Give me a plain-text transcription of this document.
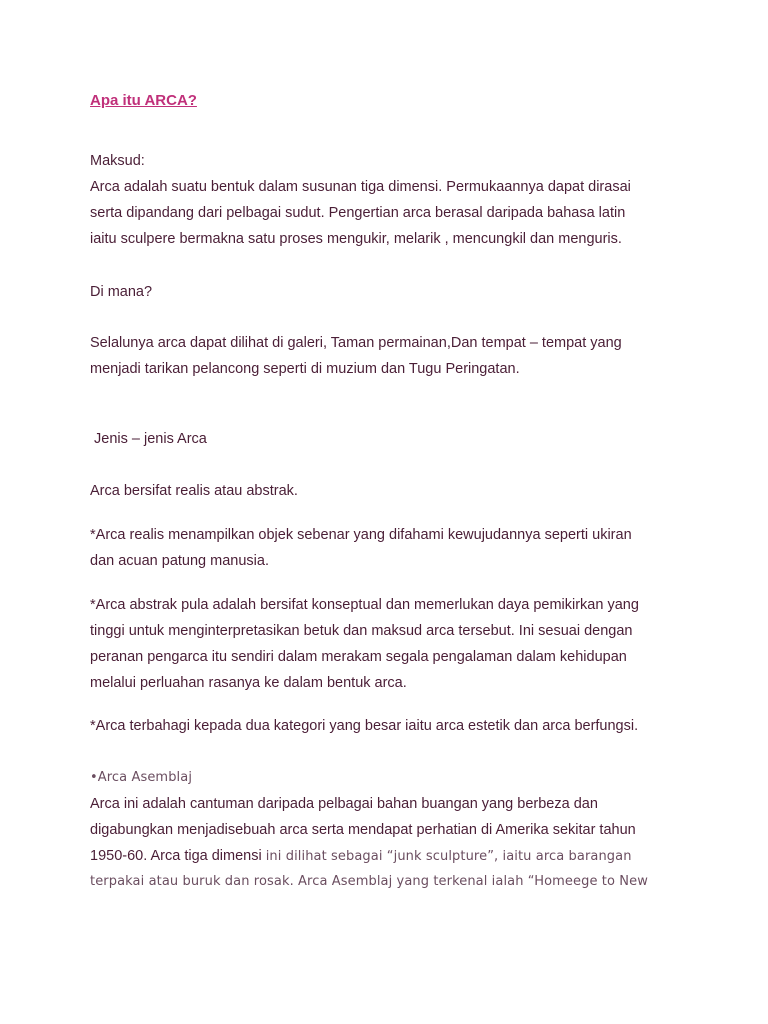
Apa itu ARCA?
Maksud:
Arca adalah suatu bentuk dalam susunan tiga dimensi. Permukaannya dapat dirasai
serta dipandang dari pelbagai sudut. Pengertian arca berasal daripada bahasa latin
iaitu sculpere bermakna satu proses mengukir, melarik , mencungkil dan menguris.
Di mana?
Selalunya arca dapat dilihat di galeri, Taman permainan,Dan tempat – tempat yang
menjadi tarikan pelancong seperti di muzium dan Tugu Peringatan.
Jenis – jenis Arca
Arca bersifat realis atau abstrak.
*Arca realis menampilkan objek sebenar yang difahami kewujudannya seperti ukiran
dan acuan patung manusia.
*Arca abstrak pula adalah bersifat konseptual dan memerlukan daya pemikirkan yang
tinggi untuk menginterpretasikan betuk dan maksud arca tersebut. Ini sesuai dengan
peranan pengarca itu sendiri dalam merakam segala pengalaman dalam kehidupan
melalui perluahan rasanya ke dalam bentuk arca.
*Arca terbahagi kepada dua kategori yang besar iaitu arca estetik dan arca berfungsi.
•Arca Asemblaj
Arca ini adalah cantuman daripada pelbagai bahan buangan yang berbeza dan
digabungkan menjadisebuah arca serta mendapat perhatian di Amerika sekitar tahun
1950-60. Arca tiga dimensi ini dilihat sebagai “junk sculpture”, iaitu arca barangan
terpakai atau buruk dan rosak. Arca Asemblaj yang terkenal ialah “Homeege to New
